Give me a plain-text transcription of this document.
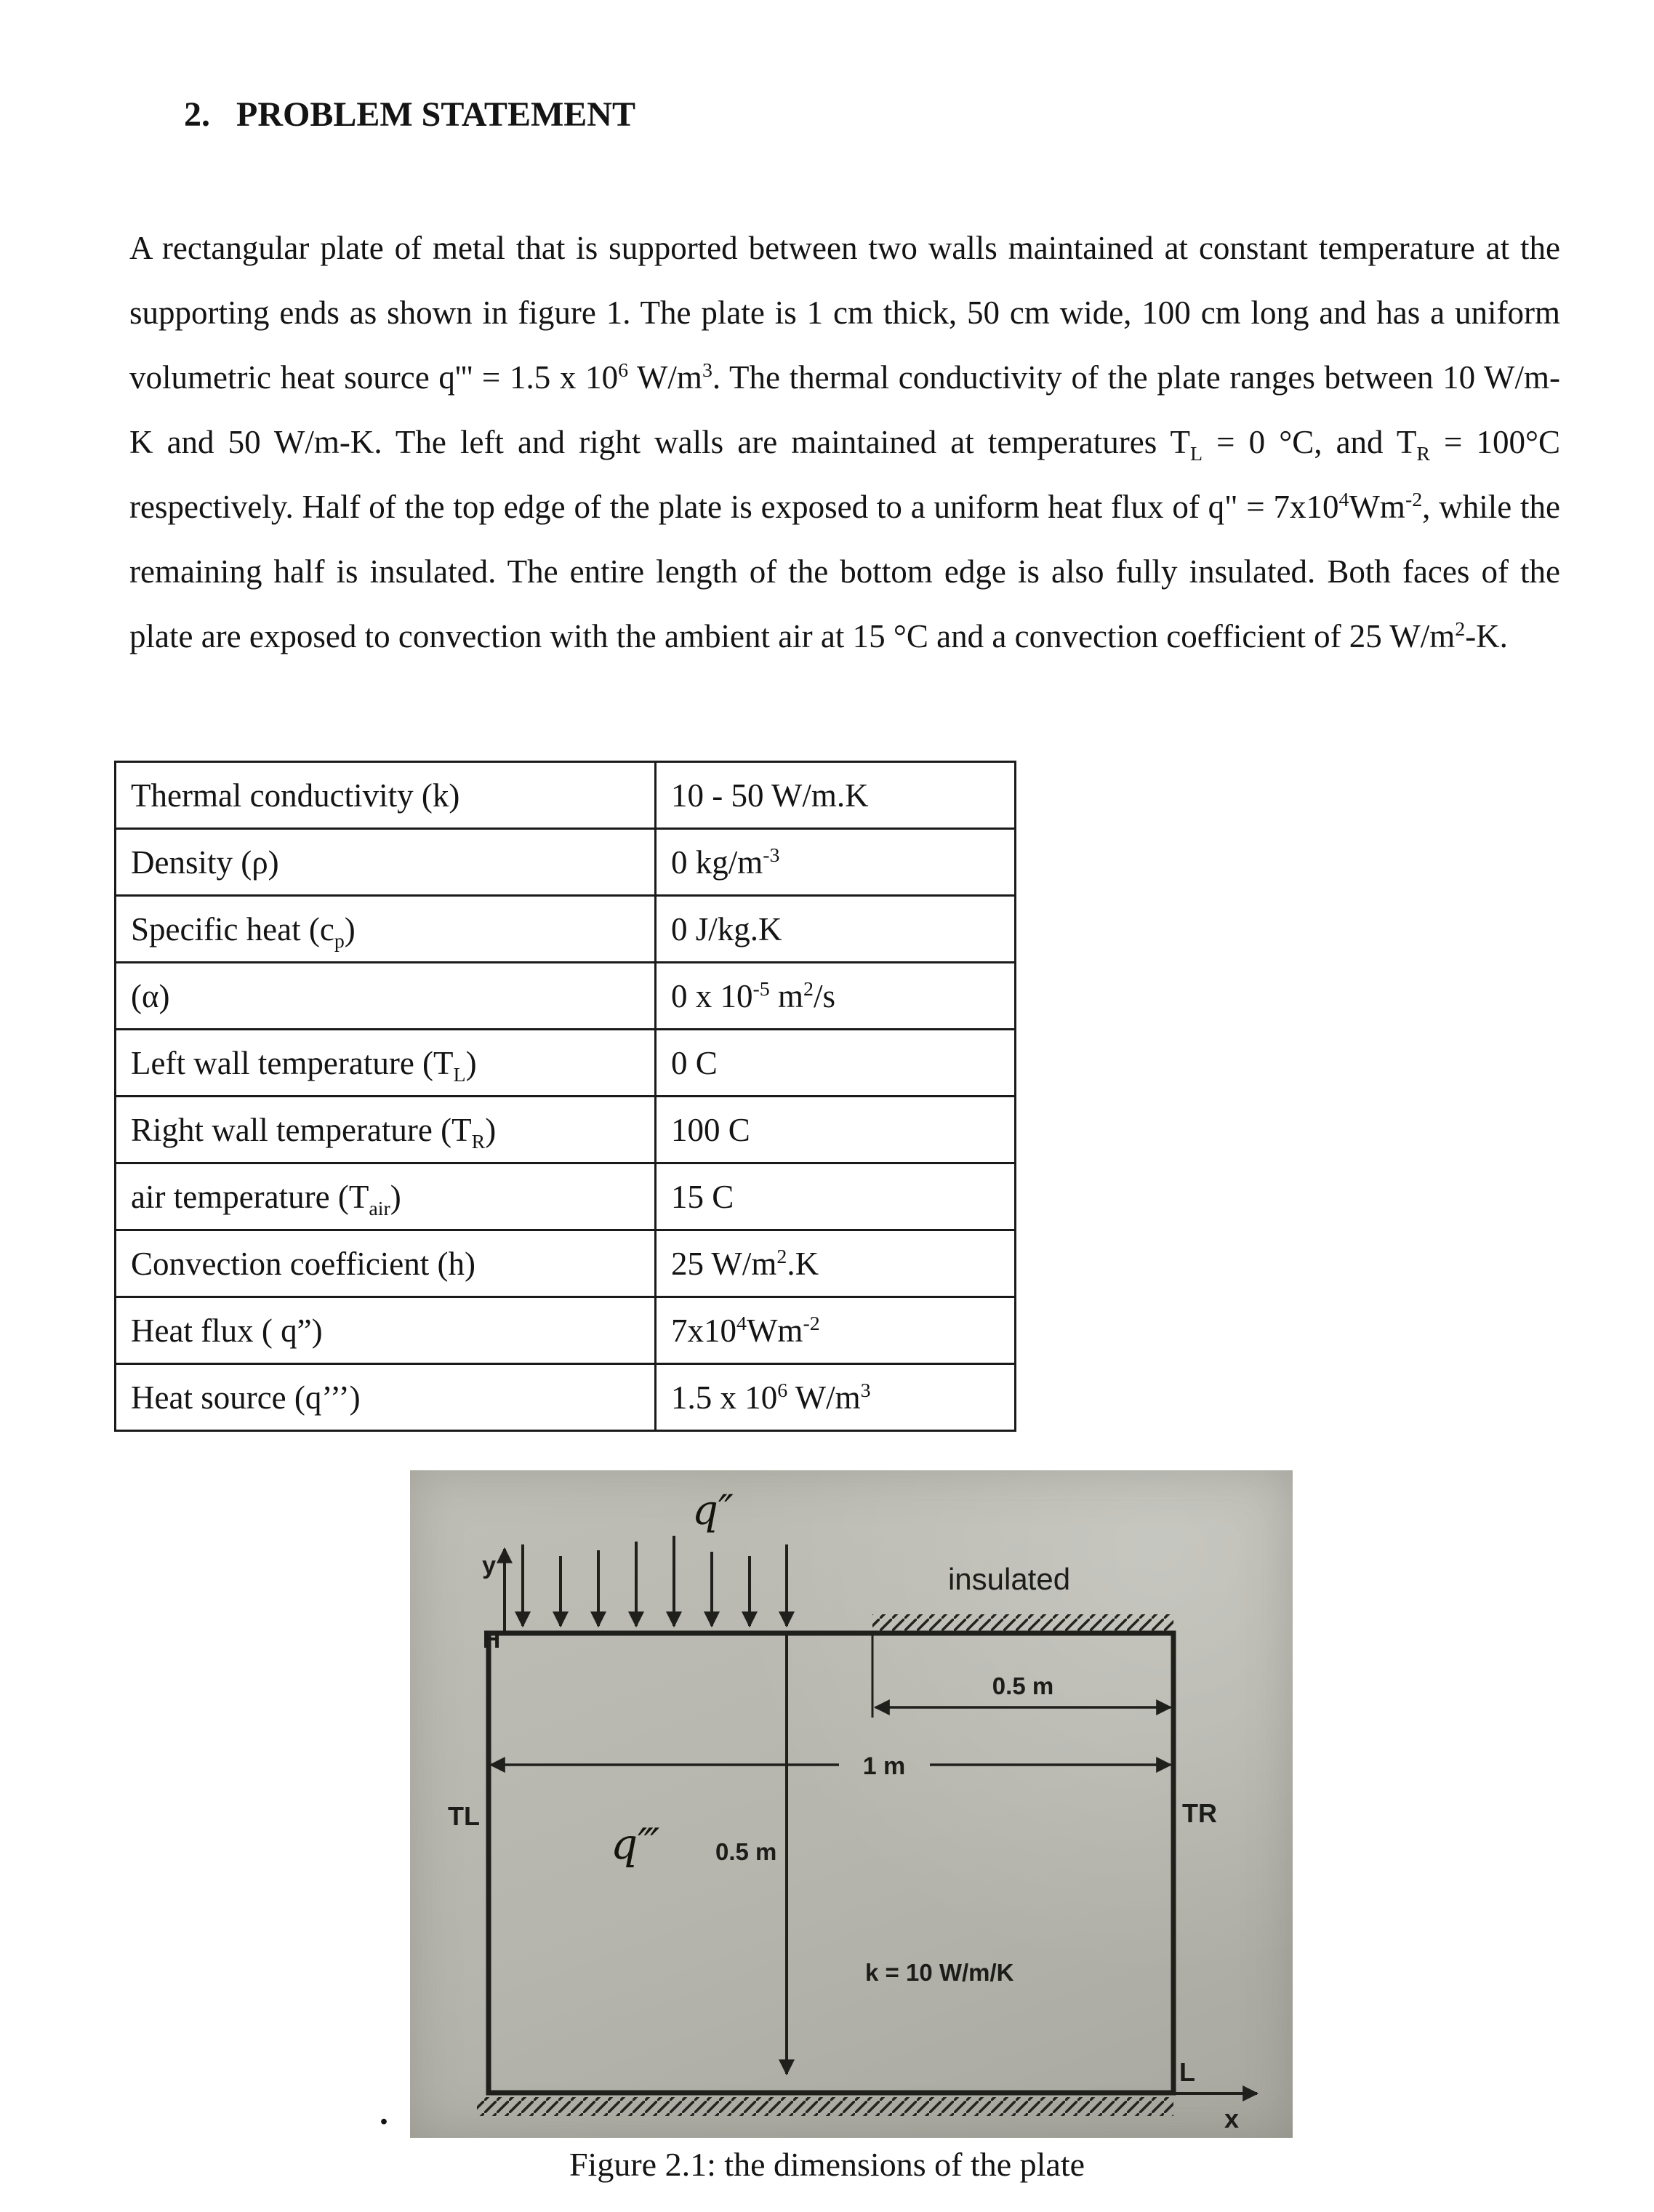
2. PROBLEM STATEMENT

A rectangular plate of metal that is supported between two walls maintained at constant temperature at the supporting ends as shown in figure 1. The plate is 1 cm thick, 50 cm wide, 100 cm long and has a uniform volumetric heat source q''' = 1.5 x $10^6$ $W/m^3$. The thermal conductivity of the plate ranges between 10 W/m-K and 50 W/m-K. The left and right walls are maintained at temperatures $T_L = 0$ °C, and $T_R = 100^\circ C$ respectively. Half of the top edge of the plate is exposed to a uniform heat flux of q" = $7x10^4Wm^{-2}$, while the remaining half is insulated. The entire length of the bottom edge is also fully insulated. Both faces of the plate are exposed to convection with the ambient air at 15 °C and a convection coefficient of 25 $W/m^2-K$.

Thermal conductivity (k)	10 - 50 W/m.K
Density (ρ)	0 $kg/m^{-3}$
Specific heat $(c_p)$	0 J/kg.K
(α)	0 x $10^{-5}$ $m^2/s$
Left wall temperature $(T_L)$	0 C
Right wall temperature $(T_R)$	100 C
air temperature $(T_{air})$	15 C
Convection coefficient (h)	25 $W/m^2.K$
Heat flux ( q”)	$7x10^4Wm^{-2}$
Heat source (q’’’)	1.5 x $10^6$ $W/m^3$
y
H
q″
insulated
0.5 m
1 m
TL	TR
q‴ 0.5 m
k = 10 W/m/K
L
x
.
Figure 2.1: the dimensions of the plate
